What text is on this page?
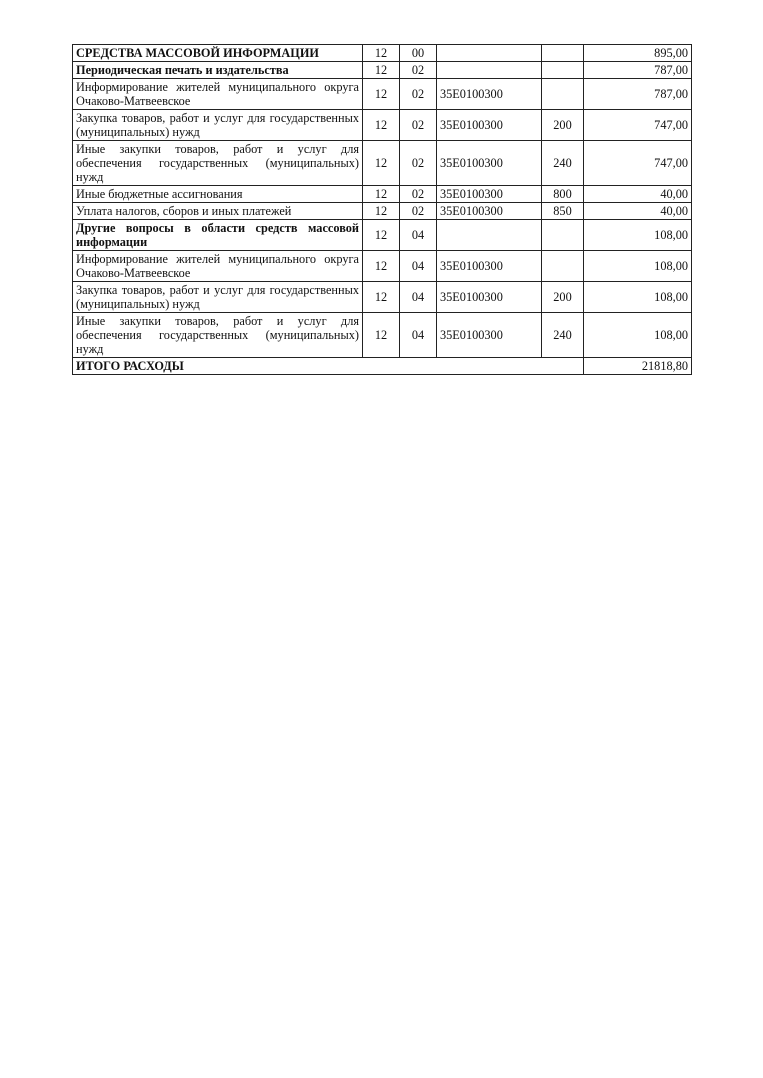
СРЕДСТВА МАССОВОЙ ИНФОРМАЦИИ	12	00			895,00
Периодическая печать и издательства	12	02			787,00
Информирование жителей муниципального округа Очаково-Матвеевское	12	02	35Е0100300		787,00
Закупка товаров, работ и услуг для государственных (муниципальных) нужд	12	02	35Е0100300	200	747,00
Иные закупки товаров, работ и услуг для обеспечения государственных (муниципальных) нужд	12	02	35Е0100300	240	747,00
Иные бюджетные ассигнования	12	02	35Е0100300	800	40,00
Уплата налогов, сборов и иных платежей	12	02	35Е0100300	850	40,00
Другие вопросы в области средств массовой информации	12	04			108,00
Информирование жителей муниципального округа Очаково-Матвеевское	12	04	35Е0100300		108,00
Закупка товаров, работ и услуг для государственных (муниципальных) нужд	12	04	35Е0100300	200	108,00
Иные закупки товаров, работ и услуг для обеспечения государственных (муниципальных) нужд	12	04	35Е0100300	240	108,00
ИТОГО РАСХОДЫ					21818,80
